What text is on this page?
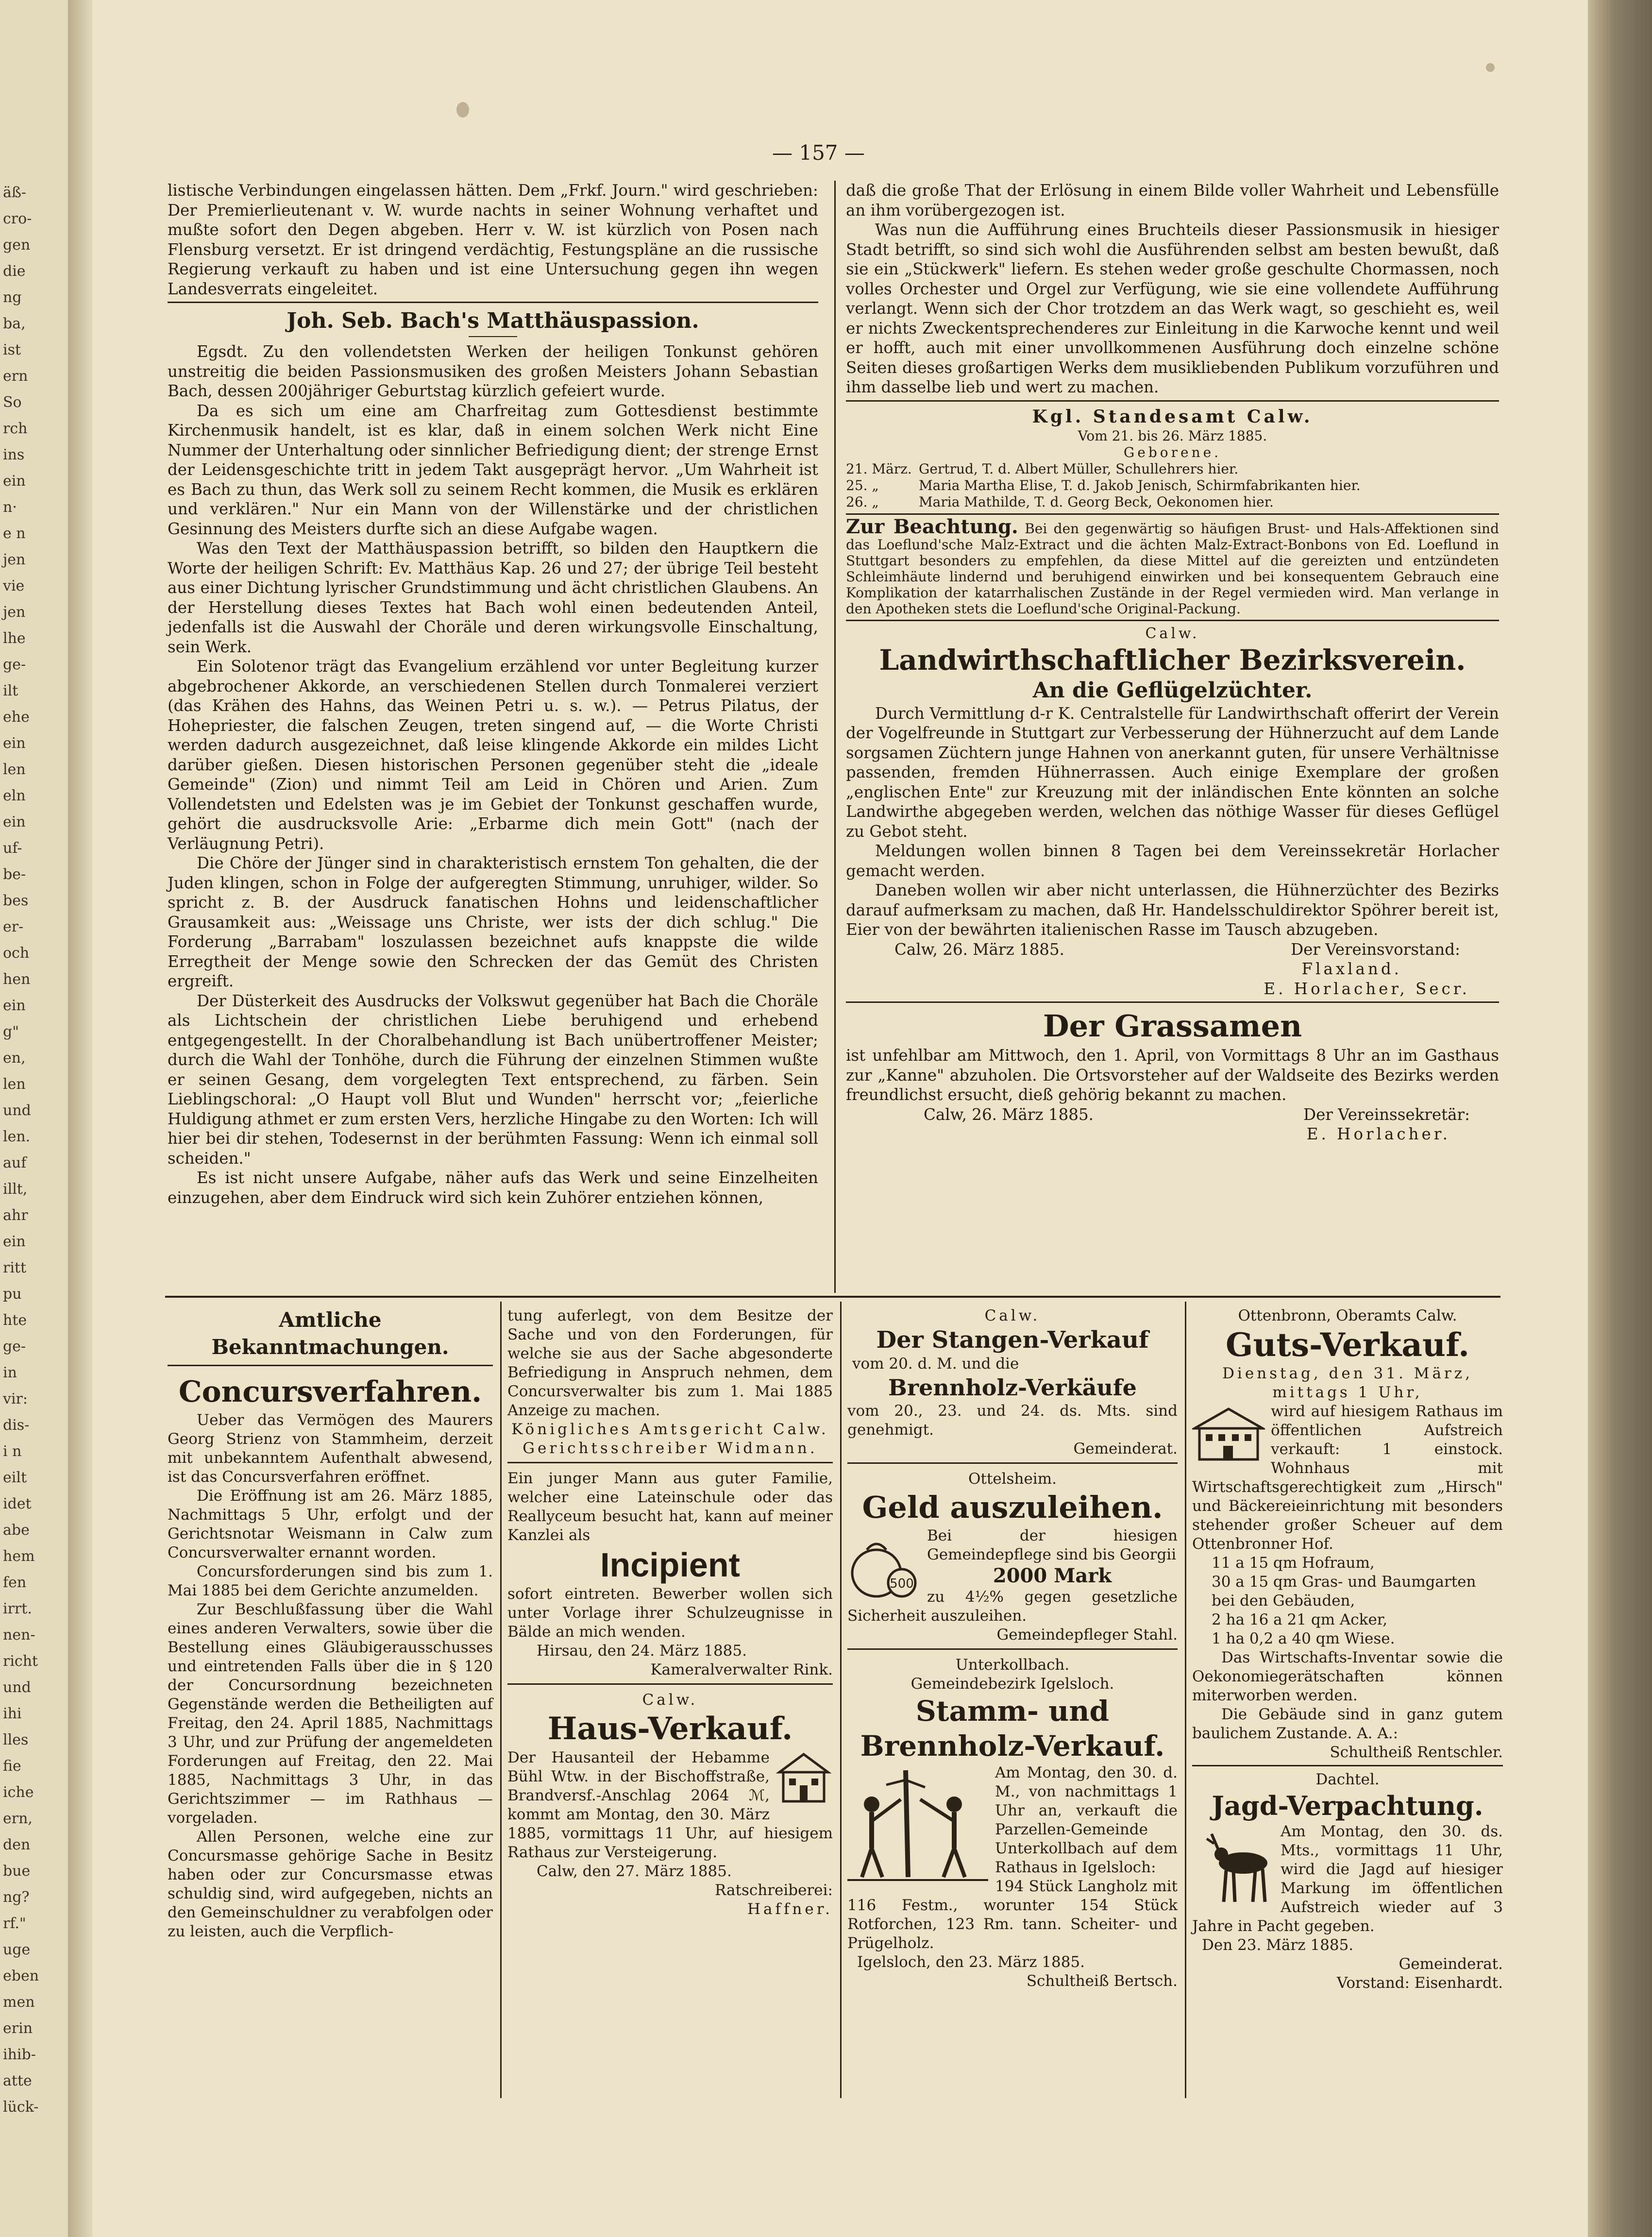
äß-
cro-
gen
die
ng
ba,
ist
ern
So
rch
ins
ein
n·
e n
jen
vie
jen
lhe
ge-
ilt
ehe
ein
len
eln
ein
uf-
be-
bes
er-
och
hen
ein
g"
en,
len
und
len.
auf
illt,
ahr
ein
ritt
pu
hte
ge-
in
vir:
dis-
i n
eilt
idet
abe
hem
fen
irrt.
nen-
richt
und
ihi
lles
fie
iche
ern,
den
bue
ng?
rf."
uge
eben
men
erin
ihib-
atte
lück-
— 157 —

listische Verbindungen eingelassen hätten. Dem „Frkf. Journ." wird geschrieben: Der Premierlieutenant v. W. wurde nachts in seiner Wohnung verhaftet und mußte sofort den Degen abgeben. Herr v. W. ist kürzlich von Posen nach Flensburg versetzt. Er ist dringend verdächtig, Festungspläne an die russische Regierung verkauft zu haben und ist eine Untersuchung gegen ihn wegen Landesverrats eingeleitet.

Joh. Seb. Bach's Matthäuspassion.

Egsdt. Zu den vollendetsten Werken der heiligen Tonkunst gehören unstreitig die beiden Passionsmusiken des großen Meisters Johann Sebastian Bach, dessen 200jähriger Geburtstag kürzlich gefeiert wurde.

Da es sich um eine am Charfreitag zum Gottesdienst bestimmte Kirchenmusik handelt, ist es klar, daß in einem solchen Werk nicht Eine Nummer der Unterhaltung oder sinnlicher Befriedigung dient; der strenge Ernst der Leidensgeschichte tritt in jedem Takt ausgeprägt hervor. „Um Wahrheit ist es Bach zu thun, das Werk soll zu seinem Recht kommen, die Musik es erklären und verklären." Nur ein Mann von der Willenstärke und der christlichen Gesinnung des Meisters durfte sich an diese Aufgabe wagen.

Was den Text der Matthäuspassion betrifft, so bilden den Hauptkern die Worte der heiligen Schrift: Ev. Matthäus Kap. 26 und 27; der übrige Teil besteht aus einer Dichtung lyrischer Grundstimmung und ächt christlichen Glaubens. An der Herstellung dieses Textes hat Bach wohl einen bedeutenden Anteil, jedenfalls ist die Auswahl der Choräle und deren wirkungsvolle Einschaltung, sein Werk.

Ein Solotenor trägt das Evangelium erzählend vor unter Begleitung kurzer abgebrochener Akkorde, an verschiedenen Stellen durch Tonmalerei verziert (das Krähen des Hahns, das Weinen Petri u. s. w.). — Petrus Pilatus, der Hohepriester, die falschen Zeugen, treten singend auf, — die Worte Christi werden dadurch ausgezeichnet, daß leise klingende Akkorde ein mildes Licht darüber gießen. Diesen historischen Personen gegenüber steht die „ideale Gemeinde" (Zion) und nimmt Teil am Leid in Chören und Arien. Zum Vollendetsten und Edelsten was je im Gebiet der Tonkunst geschaffen wurde, gehört die ausdrucksvolle Arie: „Erbarme dich mein Gott" (nach der Verläugnung Petri).

Die Chöre der Jünger sind in charakteristisch ernstem Ton gehalten, die der Juden klingen, schon in Folge der aufgeregten Stimmung, unruhiger, wilder. So spricht z. B. der Ausdruck fanatischen Hohns und leidenschaftlicher Grausamkeit aus: „Weissage uns Christe, wer ists der dich schlug." Die Forderung „Barrabam" loszulassen bezeichnet aufs knappste die wilde Erregtheit der Menge sowie den Schrecken der das Gemüt des Christen ergreift.

Der Düsterkeit des Ausdrucks der Volkswut gegenüber hat Bach die Choräle als Lichtschein der christlichen Liebe beruhigend und erhebend entgegengestellt. In der Choralbehandlung ist Bach unübertroffener Meister; durch die Wahl der Tonhöhe, durch die Führung der einzelnen Stimmen wußte er seinen Gesang, dem vorgelegten Text entsprechend, zu färben. Sein Lieblingschoral: „O Haupt voll Blut und Wunden" herrscht vor; „feierliche Huldigung athmet er zum ersten Vers, herzliche Hingabe zu den Worten: Ich will hier bei dir stehen, Todesernst in der berühmten Fassung: Wenn ich einmal soll scheiden."

Es ist nicht unsere Aufgabe, näher aufs das Werk und seine Einzelheiten einzugehen, aber dem Eindruck wird sich kein Zuhörer entziehen können,

daß die große That der Erlösung in einem Bilde voller Wahrheit und Lebensfülle an ihm vorübergezogen ist.

Was nun die Aufführung eines Bruchteils dieser Passionsmusik in hiesiger Stadt betrifft, so sind sich wohl die Ausführenden selbst am besten bewußt, daß sie ein „Stückwerk" liefern. Es stehen weder große geschulte Chormassen, noch volles Orchester und Orgel zur Verfügung, wie sie eine vollendete Aufführung verlangt. Wenn sich der Chor trotzdem an das Werk wagt, so geschieht es, weil er nichts Zweckentsprechenderes zur Einleitung in die Karwoche kennt und weil er hofft, auch mit einer unvollkommenen Ausführung doch einzelne schöne Seiten dieses großartigen Werks dem musikliebenden Publikum vorzuführen und ihm dasselbe lieb und wert zu machen.

Kgl. Standesamt Calw.
Vom 21. bis 26. März 1885.
Geborene.
21. März. Gertrud, T. d. Albert Müller, Schullehrers hier.
25. „	Maria Martha Elise, T. d. Jakob Jenisch, Schirmfabrikanten hier.
26. „	Maria Mathilde, T. d. Georg Beck, Oekonomen hier.

Zur Beachtung. Bei den gegenwärtig so häufigen Brust- und Hals-Affektionen sind das Loeflund'sche Malz-Extract und die ächten Malz-Extract-Bonbons von Ed. Loeflund in Stuttgart besonders zu empfehlen, da diese Mittel auf die gereizten und entzündeten Schleimhäute lindernd und beruhigend einwirken und bei konsequentem Gebrauch eine Komplikation der katarrhalischen Zustände in der Regel vermieden wird. Man verlange in den Apotheken stets die Loeflund'sche Original-Packung.

Calw.
Landwirthschaftlicher Bezirksverein.
An die Geflügelzüchter.

Durch Vermittlung d-r K. Centralstelle für Landwirthschaft offerirt der Verein der Vogelfreunde in Stuttgart zur Verbesserung der Hühnerzucht auf dem Lande sorgsamen Züchtern junge Hahnen von anerkannt guten, für unsere Verhältnisse passenden, fremden Hühnerrassen. Auch einige Exemplare der großen „englischen Ente" zur Kreuzung mit der inländischen Ente könnten an solche Landwirthe abgegeben werden, welchen das nöthige Wasser für dieses Geflügel zu Gebot steht.

Meldungen wollen binnen 8 Tagen bei dem Vereinssekretär Horlacher gemacht werden.

Daneben wollen wir aber nicht unterlassen, die Hühnerzüchter des Bezirks darauf aufmerksam zu machen, daß Hr. Handelsschuldirektor Spöhrer bereit ist, Eier von der bewährten italienischen Rasse im Tausch abzugeben.

Calw, 26. März 1885.	Der Vereinsvorstand:
Flaxland.
E. Horlacher, Secr.
Der Grassamen

ist unfehlbar am Mittwoch, den 1. April, von Vormittags 8 Uhr an im Gasthaus zur „Kanne" abzuholen. Die Ortsvorsteher auf der Waldseite des Bezirks werden freundlichst ersucht, dieß gehörig bekannt zu machen.

Calw, 26. März 1885.	Der Vereinssekretär:
E. Horlacher.
Amtliche Bekanntmachungen.
Concursverfahren.

Ueber das Vermögen des Maurers Georg Strienz von Stammheim, derzeit mit unbekanntem Aufenthalt abwesend, ist das Concursverfahren eröffnet.

Die Eröffnung ist am 26. März 1885, Nachmittags 5 Uhr, erfolgt und der Gerichtsnotar Weismann in Calw zum Concursverwalter ernannt worden.

Concursforderungen sind bis zum 1. Mai 1885 bei dem Gerichte anzumelden.

Zur Beschlußfassung über die Wahl eines anderen Verwalters, sowie über die Bestellung eines Gläubigerausschusses und eintretenden Falls über die in § 120 der Concursordnung bezeichneten Gegenstände werden die Betheiligten auf Freitag, den 24. April 1885, Nachmittags 3 Uhr, und zur Prüfung der angemeldeten Forderungen auf Freitag, den 22. Mai 1885, Nachmittags 3 Uhr, in das Gerichtszimmer — im Rathhaus — vorgeladen.

Allen Personen, welche eine zur Concursmasse gehörige Sache in Besitz haben oder zur Concursmasse etwas schuldig sind, wird aufgegeben, nichts an den Gemeinschuldner zu verabfolgen oder zu leisten, auch die Verpflich-

tung auferlegt, von dem Besitze der Sache und von den Forderungen, für welche sie aus der Sache abgesonderte Befriedigung in Anspruch nehmen, dem Concursverwalter bis zum 1. Mai 1885 Anzeige zu machen.

Königliches Amtsgericht Calw.
Gerichtsschreiber Widmann.

Ein junger Mann aus guter Familie, welcher eine Lateinschule oder das Reallyceum besucht hat, kann auf meiner Kanzlei als

Incipient

sofort eintreten. Bewerber wollen sich unter Vorlage ihrer Schulzeugnisse in Bälde an mich wenden.

Hirsau, den 24. März 1885.
Kameralverwalter Rink.
Calw.
Haus-Verkauf.

Der Hausanteil der Hebamme Bühl Wtw. in der Bischoffstraße, Brandversf.-Anschlag 2064 ℳ, kommt am Montag, den 30. März 1885, vormittags 11 Uhr, auf hiesigem Rathaus zur Versteigerung.

Calw, den 27. März 1885.
Ratschreiberei:
Haffner.
Calw.
Der Stangen-Verkauf
vom 20. d. M. und die
Brennholz-Verkäufe

vom 20., 23. und 24. ds. Mts. sind genehmigt.

Gemeinderat.
Ottelsheim.
Geld auszuleihen.
500

Bei der hiesigen Gemeindepflege sind bis Georgii

2000 Mark

zu 4½% gegen gesetzliche Sicherheit auszuleihen.

Gemeindepfleger Stahl.
Unterkollbach.
Gemeindebezirk Igelsloch.
Stamm- und
Brennholz-Verkauf.

Am Montag, den 30. d. M., von nachmittags 1 Uhr an, verkauft die Parzellen-Gemeinde Unterkollbach auf dem Rathaus in Igelsloch:

194 Stück Langholz mit 116 Festm., worunter 154 Stück Rotforchen, 123 Rm. tann. Scheiter- und Prügelholz.

Igelsloch, den 23. März 1885.
Schultheiß Bertsch.
Ottenbronn, Oberamts Calw.
Guts-Verkauf.
Dienstag, den 31. März, mittags 1 Uhr,

wird auf hiesigem Rathaus im öffentlichen Aufstreich verkauft: 1 einstock. Wohnhaus mit Wirtschaftsgerechtigkeit zum „Hirsch" und Bäckereieinrichtung mit besonders stehender großer Scheuer auf dem Ottenbronner Hof.

11 a 15 qm Hofraum,
30 a 15 qm Gras- und Baumgarten bei den Gebäuden,
2 ha 16 a 21 qm Acker,
1 ha 0,2 a 40 qm Wiese.

Das Wirtschafts-Inventar sowie die Oekonomiegerätschaften können miterworben werden.

Die Gebäude sind in ganz gutem baulichem Zustande. A. A.:

Schultheiß Rentschler.
Dachtel.
Jagd-Verpachtung.

Am Montag, den 30. ds. Mts., vormittags 11 Uhr, wird die Jagd auf hiesiger Markung im öffentlichen Aufstreich wieder auf 3 Jahre in Pacht gegeben.

Den 23. März 1885.
Gemeinderat.
Vorstand: Eisenhardt.
